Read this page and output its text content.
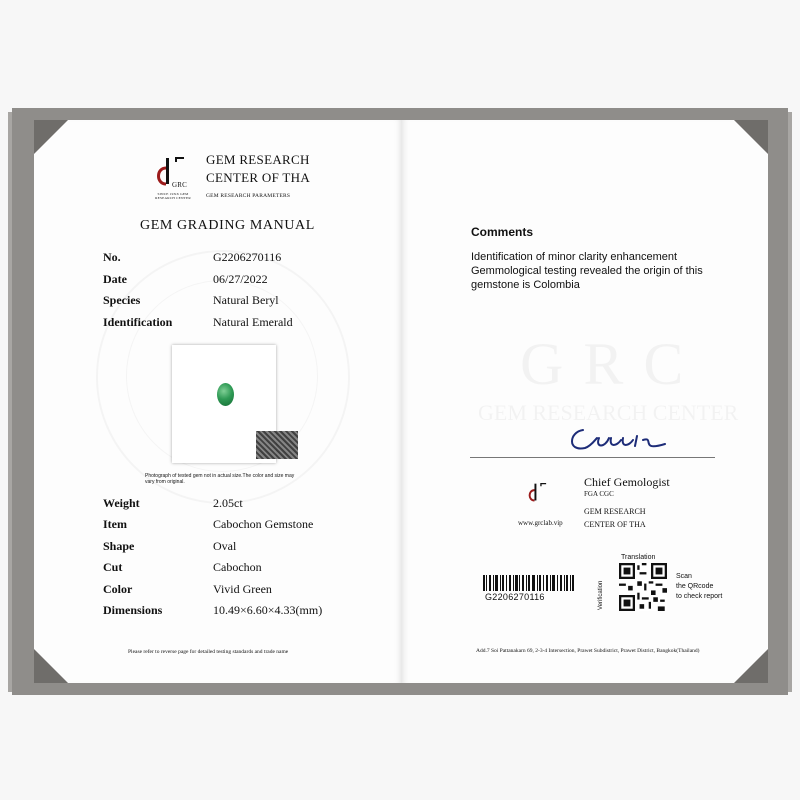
GRC
SINCE 19XX GEM RESEARCH CENTER
GEM RESEARCH
CENTER OF THA
GEM RESEARCH PARAMETERS
GEM GRADING MANUAL
No.	G2206270116
Date	06/27/2022
Species	Natural Beryl
Identification	Natural Emerald
Photograph of tested gem not in actual size.The color and size may vary from original.
Weight	2.05ct
Item	Cabochon Gemstone
Shape	Oval
Cut	Cabochon
Color	Vivid Green
Dimensions	10.49×6.60×4.33(mm)
Please refer to reverse page for detailed testing standards and trade name
Comments
Identification of minor clarity enhancement
Gemmological testing revealed the origin of this
gemstone is Colombia
www.grclab.vip
Chief Gemologist
FGA CGC
GEM RESEARCH
CENTER OF THA
G2206270116
Translation
Verification
Scan
the QRcode
to check report
Add.7 Soi Pattanakarn 69, 2-3-4 Intersection, Prawet Subdistrict, Prawet District, Bangkok(Thailand)
